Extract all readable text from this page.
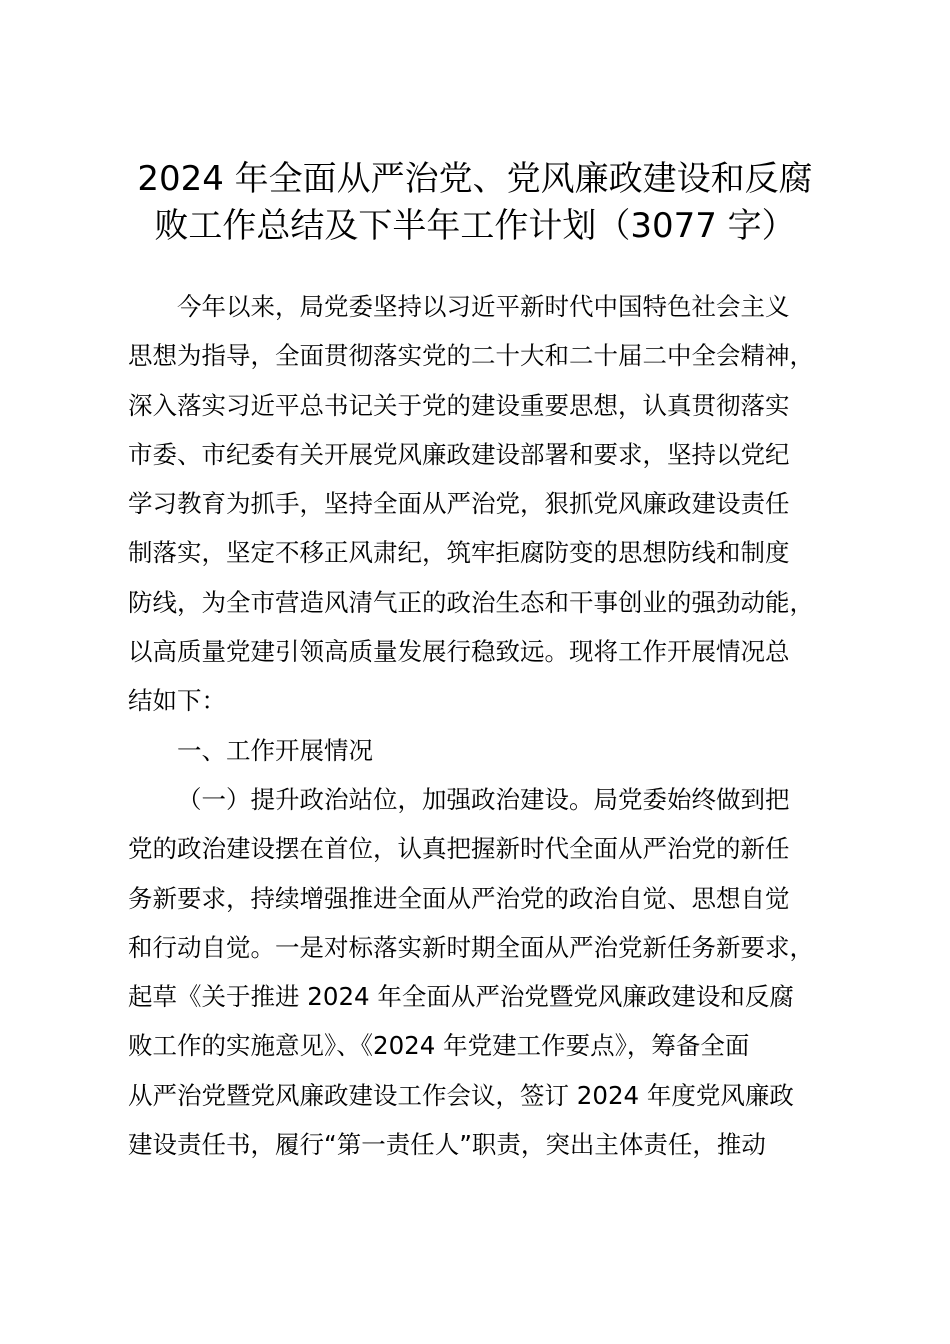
2024 年全面从严治党、党风廉政建设和反腐
败工作总结及下半年工作计划（3077 字）
今年以来，局党委坚持以习近平新时代中国特色社会主义
思想为指导，全面贯彻落实党的二十大和二十届二中全会精神，
深入落实习近平总书记关于党的建设重要思想，认真贯彻落实
市委、市纪委有关开展党风廉政建设部署和要求，坚持以党纪
学习教育为抓手，坚持全面从严治党，狠抓党风廉政建设责任
制落实，坚定不移正风肃纪，筑牢拒腐防变的思想防线和制度
防线，为全市营造风清气正的政治生态和干事创业的强劲动能，
以高质量党建引领高质量发展行稳致远。现将工作开展情况总
结如下：
一、工作开展情况
（一）提升政治站位，加强政治建设。局党委始终做到把
党的政治建设摆在首位，认真把握新时代全面从严治党的新任
务新要求，持续增强推进全面从严治党的政治自觉、思想自觉
和行动自觉。一是对标落实新时期全面从严治党新任务新要求，
起草《关于推进 2024 年全面从严治党暨党风廉政建设和反腐
败工作的实施意见》、《2024 年党建工作要点》，筹备全面
从严治党暨党风廉政建设工作会议，签订 2024 年度党风廉政
建设责任书，履行“第一责任人”职责，突出主体责任，推动
